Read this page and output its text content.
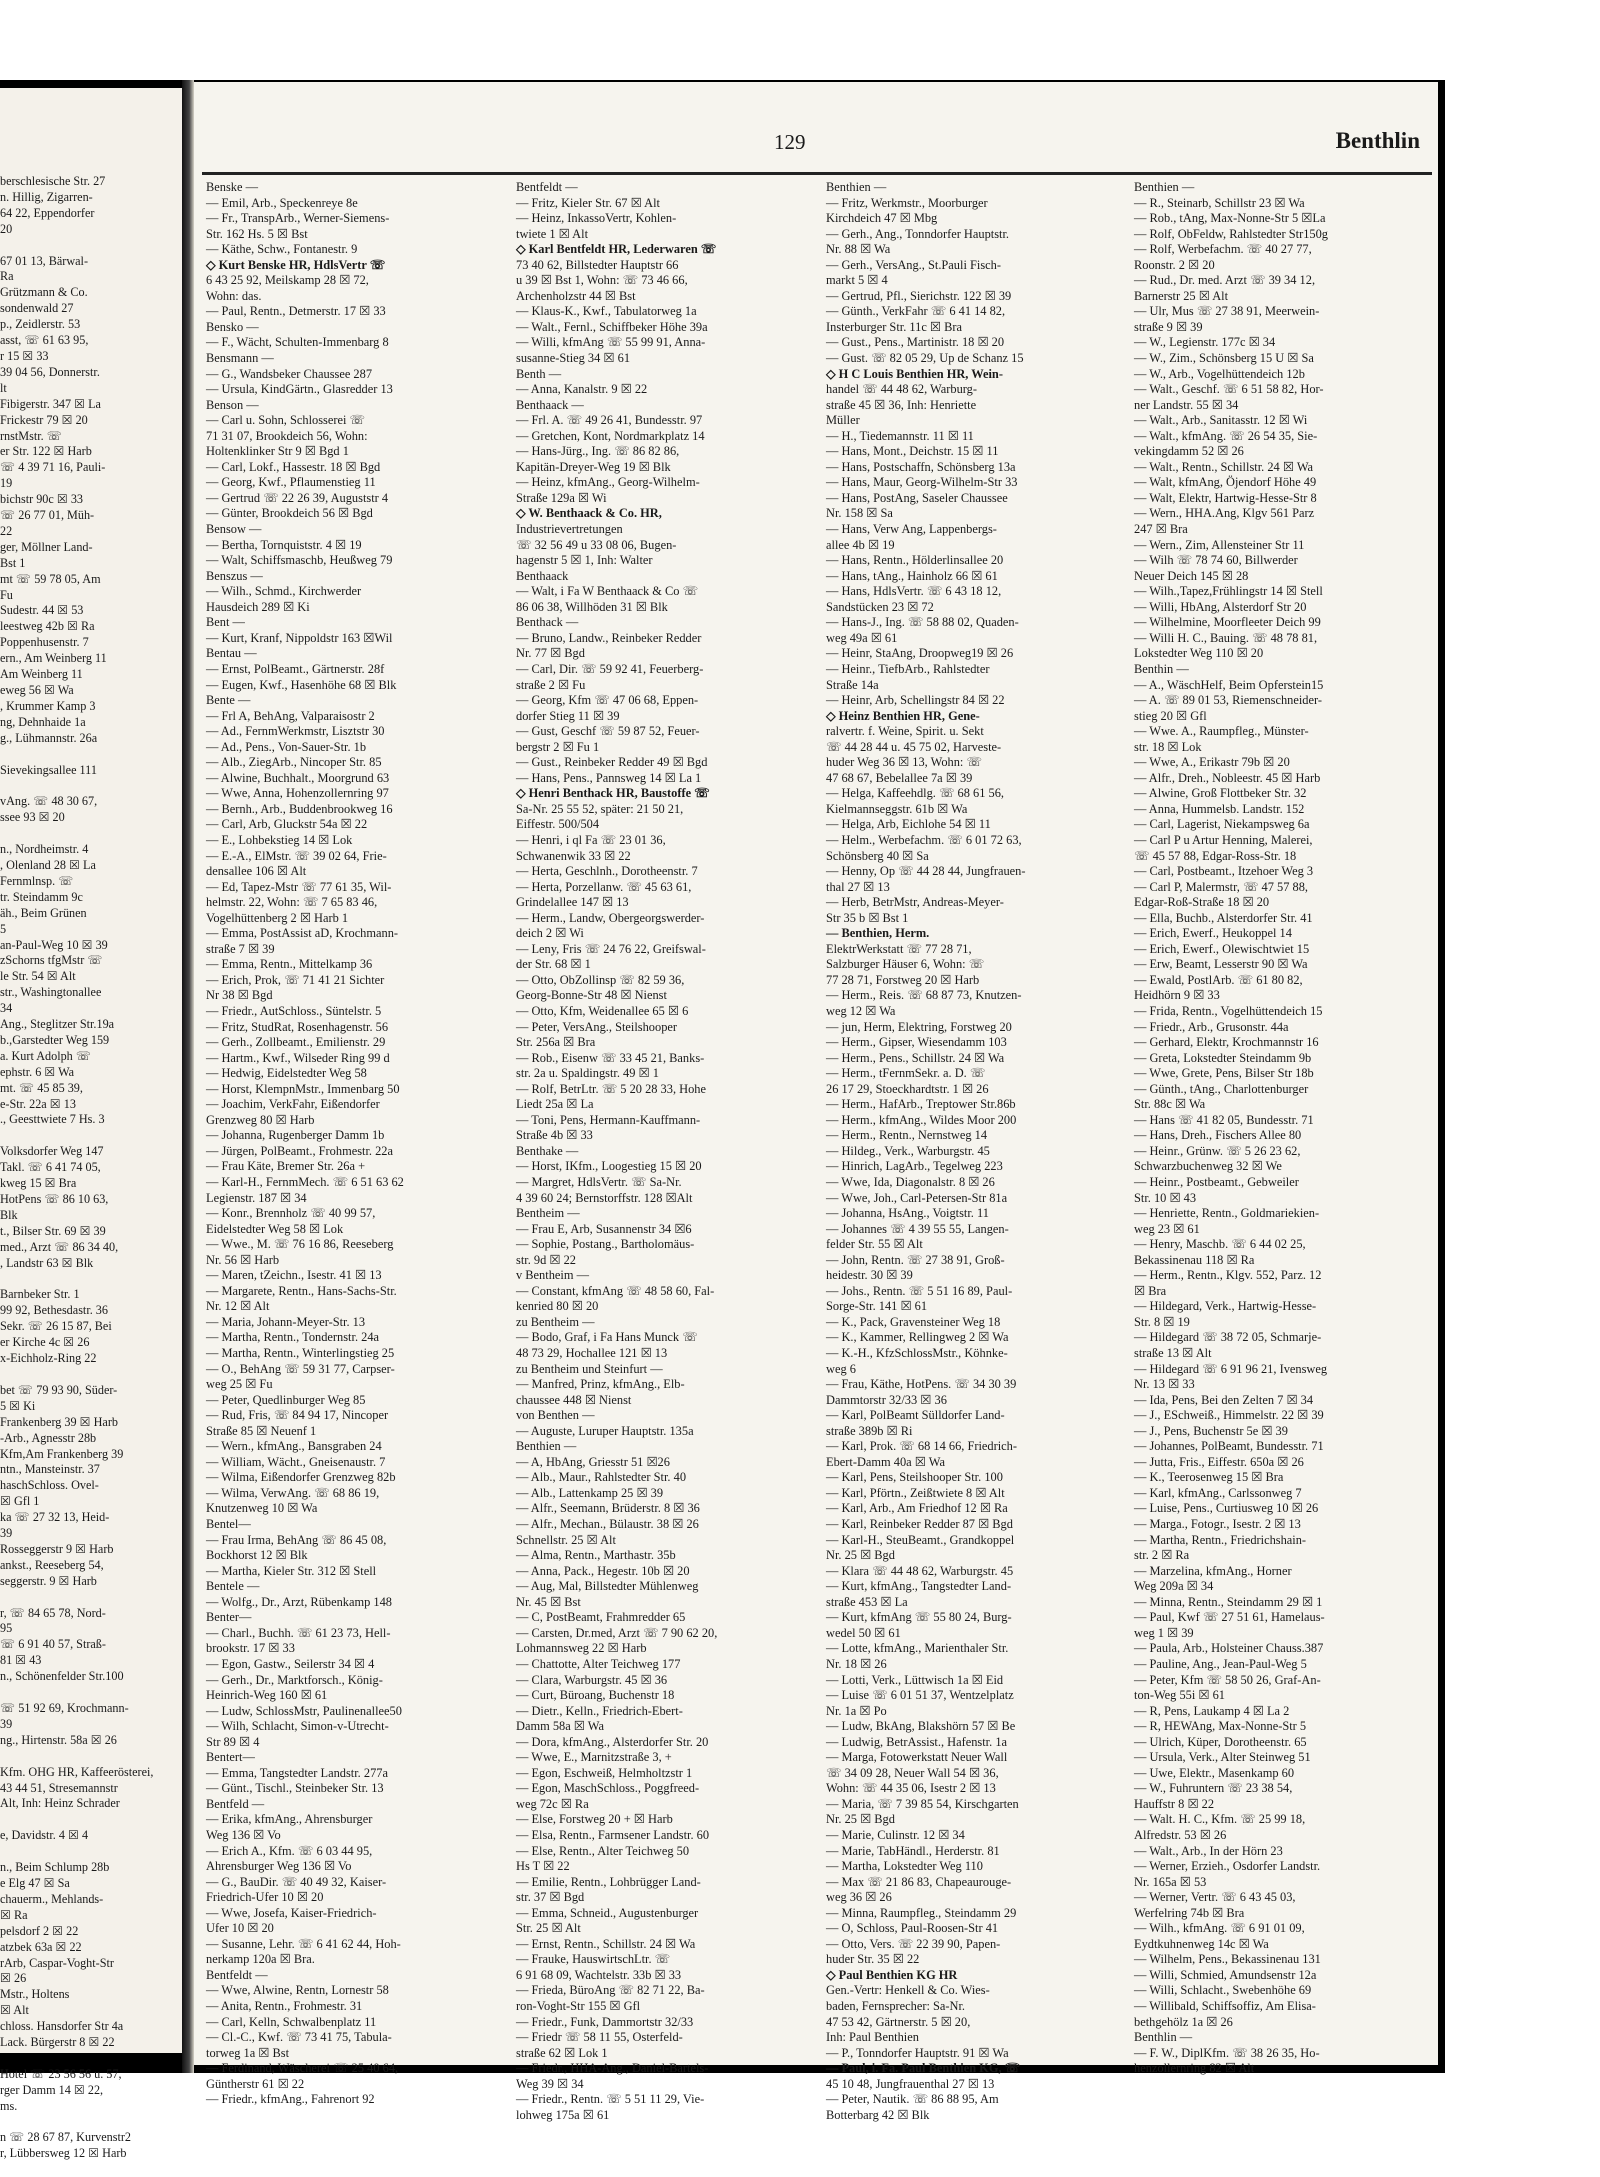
berschlesische Str. 27
n. Hillig, Zigarren-
64 22, Eppendorfer
20

67 01 13, Bärwal-
Ra
Grützmann & Co.
sondenwald 27
p., Zeidlerstr. 53
asst, ☏ 61 63 95,
r 15 ☒ 33
39 04 56, Donnerstr.
lt
Fibigerstr. 347 ☒ La
Frickestr 79 ☒ 20
rnstMstr. ☏
er Str. 122 ☒ Harb
☏ 4 39 71 16, Pauli-
19
bichstr 90c ☒ 33
☏ 26 77 01, Müh-
22
ger, Möllner Land-
Bst 1
mt ☏ 59 78 05, Am
Fu
Sudestr. 44 ☒ 53
leestweg 42b ☒ Ra
Poppenhusenstr. 7
ern., Am Weinberg 11
Am Weinberg 11
eweg 56 ☒ Wa
, Krummer Kamp 3
ng, Dehnhaide 1a
g., Lühmannstr. 26a

Sievekingsallee 111

vAng. ☏ 48 30 67,
ssee 93 ☒ 20

n., Nordheimstr. 4
, Olenland 28 ☒ La
Fernmlnsp. ☏
tr. Steindamm 9c
äh., Beim Grünen
5
an-Paul-Weg 10 ☒ 39
zSchorns tfgMstr ☏
le Str. 54 ☒ Alt
str., Washingtonallee
34
Ang., Steglitzer Str.19a
b.,Garstedter Weg 159
a. Kurt Adolph ☏
ephstr. 6 ☒ Wa
mt. ☏ 45 85 39,
e-Str. 22a ☒ 13
., Geesttwiete 7 Hs. 3

Volksdorfer Weg 147
Takl. ☏ 6 41 74 05,
kweg 15 ☒ Bra
HotPens ☏ 86 10 63,
Blk
t., Bilser Str. 69 ☒ 39
med., Arzt ☏ 86 34 40,
, Landstr 63 ☒ Blk

Barnbeker Str. 1
99 92, Bethesdastr. 36
Sekr. ☏ 26 15 87, Bei
er Kirche 4c ☒ 26
x-Eichholz-Ring 22

bet ☏ 79 93 90, Süder-
5 ☒ Ki
Frankenberg 39 ☒ Harb
-Arb., Agnesstr 28b
Kfm,Am Frankenberg 39
ntn., Mansteinstr. 37
haschSchloss. Ovel-
☒ Gfl 1
ka ☏ 27 32 13, Heid-
39
Rosseggerstr 9 ☒ Harb
ankst., Reeseberg 54,
seggerstr. 9 ☒ Harb

r, ☏ 84 65 78, Nord-
95
☏ 6 91 40 57, Straß-
81 ☒ 43
n., Schönenfelder Str.100

☏ 51 92 69, Krochmann-
39
ng., Hirtenstr. 58a ☒ 26

Kfm. OHG HR, Kaffeerösterei,
43 44 51, Stresemannstr
Alt, Inh: Heinz Schrader

e, Davidstr. 4 ☒ 4

n., Beim Schlump 28b
e Elg 47 ☒ Sa
chauerm., Mehlands-
☒ Ra
pelsdorf 2 ☒ 22
atzbek 63a ☒ 22
rArb, Caspar-Voght-Str
☒ 26
Mstr., Holtens
☒ Alt
chloss. Hansdorfer Str 4a
Lack. Bürgerstr 8 ☒ 22

Hotel ☏ 23 56 56 u. 57,
rger Damm 14 ☒ 22,
ms.

n ☏ 28 67 87, Kurvenstr2
r, Lübbersweg 12 ☒ Harb
129	Benthlin
Benske —
— Emil, Arb., Speckenreye 8e
— Fr., TranspArb., Werner-Siemens-
Str. 162 Hs. 5 ☒ Bst
— Käthe, Schw., Fontanestr. 9
◇ Kurt Benske HR, HdlsVertr ☏
6 43 25 92, Meilskamp 28 ☒ 72,
Wohn: das.
— Paul, Rentn., Detmerstr. 17 ☒ 33
Bensko —
— F., Wächt, Schulten-Immenbarg 8
Bensmann —
— G., Wandsbeker Chaussee 287
— Ursula, KindGärtn., Glasredder 13
Benson —
— Carl u. Sohn, Schlosserei ☏
71 31 07, Brookdeich 56, Wohn:
Holtenklinker Str 9 ☒ Bgd 1
— Carl, Lokf., Hassestr. 18 ☒ Bgd
— Georg, Kwf., Pflaumenstieg 11
— Gertrud ☏ 22 26 39, Auguststr 4
— Günter, Brookdeich 56 ☒ Bgd
Bensow —
— Bertha, Tornquiststr. 4 ☒ 19
— Walt, Schiffsmaschb, Heußweg 79
Benszus —
— Wilh., Schmd., Kirchwerder
Hausdeich 289 ☒ Ki
Bent —
— Kurt, Kranf, Nippoldstr 163 ☒Wil
Bentau —
— Ernst, PolBeamt., Gärtnerstr. 28f
— Eugen, Kwf., Hasenhöhe 68 ☒ Blk
Bente —
— Frl A, BehAng, Valparaisostr 2
— Ad., FernmWerkmstr, Lisztstr 30
— Ad., Pens., Von-Sauer-Str. 1b
— Alb., ZiegArb., Nincoper Str. 85
— Alwine, Buchhalt., Moorgrund 63
— Wwe, Anna, Hohenzollernring 97
— Bernh., Arb., Buddenbrookweg 16
— Carl, Arb, Gluckstr 54a ☒ 22
— E., Lohbekstieg 14 ☒ Lok
— E.-A., ElMstr. ☏ 39 02 64, Frie-
densallee 106 ☒ Alt
— Ed, Tapez-Mstr ☏ 77 61 35, Wil-
helmstr. 22, Wohn: ☏ 7 65 83 46,
Vogelhüttenberg 2 ☒ Harb 1
— Emma, PostAssist aD, Krochmann-
straße 7 ☒ 39
— Emma, Rentn., Mittelkamp 36
— Erich, Prok, ☏ 71 41 21 Sichter
Nr 38 ☒ Bgd
— Friedr., AutSchloss., Süntelstr. 5
— Fritz, StudRat, Rosenhagenstr. 56
— Gerh., Zollbeamt., Emilienstr. 29
— Hartm., Kwf., Wilseder Ring 99 d
— Hedwig, Eidelstedter Weg 58
— Horst, KlempnMstr., Immenbarg 50
— Joachim, VerkFahr, Eißendorfer
Grenzweg 80 ☒ Harb
— Johanna, Rugenberger Damm 1b
— Jürgen, PolBeamt., Frohmestr. 22a
— Frau Käte, Bremer Str. 26a +
— Karl-H., FernmMech. ☏ 6 51 63 62
Legienstr. 187 ☒ 34
— Konr., Brennholz ☏ 40 99 57,
Eidelstedter Weg 58 ☒ Lok
— Wwe., M. ☏ 76 16 86, Reeseberg
Nr. 56 ☒ Harb
— Maren, tZeichn., Isestr. 41 ☒ 13
— Margarete, Rentn., Hans-Sachs-Str.
Nr. 12 ☒ Alt
— Maria, Johann-Meyer-Str. 13
— Martha, Rentn., Tondernstr. 24a
— Martha, Rentn., Winterlingstieg 25
— O., BehAng ☏ 59 31 77, Carpser-
weg 25 ☒ Fu
— Peter, Quedlinburger Weg 85
— Rud, Fris, ☏ 84 94 17, Nincoper
Straße 85 ☒ Neuenf 1
— Wern., kfmAng., Bansgraben 24
— William, Wächt., Gneisenaustr. 7
— Wilma, Eißendorfer Grenzweg 82b
— Wilma, VerwAng. ☏ 68 86 19,
Knutzenweg 10 ☒ Wa
Bentel—
— Frau Irma, BehAng ☏ 86 45 08,
Bockhorst 12 ☒ Blk
— Martha, Kieler Str. 312 ☒ Stell
Bentele —
— Wolfg., Dr., Arzt, Rübenkamp 148
Benter—
— Charl., Buchh. ☏ 61 23 73, Hell-
brookstr. 17 ☒ 33
— Egon, Gastw., Seilerstr 34 ☒ 4
— Gerh., Dr., Marktforsch., König-
Heinrich-Weg 160 ☒ 61
— Ludw, SchlossMstr, Paulinenallee50
— Wilh, Schlacht, Simon-v-Utrecht-
Str 89 ☒ 4
Bentert—
— Emma, Tangstedter Landstr. 277a
— Günt., Tischl., Steinbeker Str. 13
Bentfeld —
— Erika, kfmAng., Ahrensburger
Weg 136 ☒ Vo
— Erich A., Kfm. ☏ 6 03 44 95,
Ahrensburger Weg 136 ☒ Vo
— G., BauDir. ☏ 40 49 32, Kaiser-
Friedrich-Ufer 10 ☒ 20
— Wwe, Josefa, Kaiser-Friedrich-
Ufer 10 ☒ 20
— Susanne, Lehr. ☏ 6 41 62 44, Hoh-
nerkamp 120a ☒ Bra.
Bentfeldt —
— Wwe, Alwine, Rentn, Lornestr 58
— Anita, Rentn., Frohmestr. 31
— Carl, Kelln, Schwalbenplatz 11
— Cl.-C., Kwf. ☏ 73 41 75, Tabula-
torweg 1a ☒ Bst
— Ferdinand, Wäscherei ☏ 25 40 64,
Güntherstr 61 ☒ 22
— Friedr., kfmAng., Fahrenort 92
Bentfeldt —
— Fritz, Kieler Str. 67 ☒ Alt
— Heinz, InkassoVertr, Kohlen-
twiete 1 ☒ Alt
◇ Karl Bentfeldt HR, Lederwaren ☏
73 40 62, Billstedter Hauptstr 66
u 39 ☒ Bst 1, Wohn: ☏ 73 46 66,
Archenholzstr 44 ☒ Bst
— Klaus-K., Kwf., Tabulatorweg 1a
— Walt., Fernl., Schiffbeker Höhe 39a
— Willi, kfmAng ☏ 55 99 91, Anna-
susanne-Stieg 34 ☒ 61
Benth —
— Anna, Kanalstr. 9 ☒ 22
Benthaack —
— Frl. A. ☏ 49 26 41, Bundesstr. 97
— Gretchen, Kont, Nordmarkplatz 14
— Hans-Jürg., Ing. ☏ 86 82 86,
Kapitän-Dreyer-Weg 19 ☒ Blk
— Heinz, kfmAng., Georg-Wilhelm-
Straße 129a ☒ Wi
◇ W. Benthaack & Co. HR,
Industrievertretungen
☏ 32 56 49 u 33 08 06, Bugen-
hagenstr 5 ☒ 1, Inh: Walter
Benthaack
— Walt, i Fa W Benthaack & Co ☏
86 06 38, Willhöden 31 ☒ Blk
Benthack —
— Bruno, Landw., Reinbeker Redder
Nr. 77 ☒ Bgd
— Carl, Dir. ☏ 59 92 41, Feuerberg-
straße 2 ☒ Fu
— Georg, Kfm ☏ 47 06 68, Eppen-
dorfer Stieg 11 ☒ 39
— Gust, Geschf ☏ 59 87 52, Feuer-
bergstr 2 ☒ Fu 1
— Gust., Reinbeker Redder 49 ☒ Bgd
— Hans, Pens., Pannsweg 14 ☒ La 1
◇ Henri Benthack HR, Baustoffe ☏
Sa-Nr. 25 55 52, später: 21 50 21,
Eiffestr. 500/504
— Henri, i ql Fa ☏ 23 01 36,
Schwanenwik 33 ☒ 22
— Herta, Geschlnh., Dorotheenstr. 7
— Herta, Porzellanw. ☏ 45 63 61,
Grindelallee 147 ☒ 13
— Herm., Landw, Obergeorgswerder-
deich 2 ☒ Wi
— Leny, Fris ☏ 24 76 22, Greifswal-
der Str. 68 ☒ 1
— Otto, ObZollinsp ☏ 82 59 36,
Georg-Bonne-Str 48 ☒ Nienst
— Otto, Kfm, Weidenallee 65 ☒ 6
— Peter, VersAng., Steilshooper
Str. 256a ☒ Bra
— Rob., Eisenw ☏ 33 45 21, Banks-
str. 2a u. Spaldingstr. 49 ☒ 1
— Rolf, BetrLtr. ☏ 5 20 28 33, Hohe
Liedt 25a ☒ La
— Toni, Pens, Hermann-Kauffmann-
Straße 4b ☒ 33
Benthake —
— Horst, IKfm., Loogestieg 15 ☒ 20
— Margret, HdlsVertr. ☏ Sa-Nr.
4 39 60 24; Bernstorffstr. 128 ☒Alt
Bentheim —
— Frau E, Arb, Susannenstr 34 ☒6
— Sophie, Postang., Bartholomäus-
str. 9d ☒ 22
v Bentheim —
— Constant, kfmAng ☏ 48 58 60, Fal-
kenried 80 ☒ 20
zu Bentheim —
— Bodo, Graf, i Fa Hans Munck ☏
48 73 29, Hochallee 121 ☒ 13
zu Bentheim und Steinfurt —
— Manfred, Prinz, kfmAng., Elb-
chaussee 448 ☒ Nienst
von Benthen —
— Auguste, Luruper Hauptstr. 135a
Benthien —
— A, HbAng, Griesstr 51 ☒26
— Alb., Maur., Rahlstedter Str. 40
— Alb., Lattenkamp 25 ☒ 39
— Alfr., Seemann, Brüderstr. 8 ☒ 36
— Alfr., Mechan., Bülaustr. 38 ☒ 26
Schnellstr. 25 ☒ Alt
— Alma, Rentn., Marthastr. 35b
— Anna, Pack., Hegestr. 10b ☒ 20
— Aug, Mal, Billstedter Mühlenweg
Nr. 45 ☒ Bst
— C, PostBeamt, Frahmredder 65
— Carsten, Dr.med, Arzt ☏ 7 90 62 20,
Lohmannsweg 22 ☒ Harb
— Chattotte, Alter Teichweg 177
— Clara, Warburgstr. 45 ☒ 36
— Curt, Büroang, Buchenstr 18
— Dietr., Kelln., Friedrich-Ebert-
Damm 58a ☒ Wa
— Dora, kfmAng., Alsterdorfer Str. 20
— Wwe, E., Marnitzstraße 3, +
— Egon, Eschweiß, Helmholtzstr 1
— Egon, MaschSchloss., Poggfreed-
weg 72c ☒ Ra
— Else, Forstweg 20 + ☒ Harb
— Elsa, Rentn., Farmsener Landstr. 60
— Else, Rentn., Alter Teichweg 50
Hs T ☒ 22
— Emilie, Rentn., Lohbrügger Land-
str. 37 ☒ Bgd
— Emma, Schneid., Augustenburger
Str. 25 ☒ Alt
— Ernst, Rentn., Schillstr. 24 ☒ Wa
— Frauke, HauswirtschLtr. ☏
6 91 68 09, Wachtelstr. 33b ☒ 33
— Frieda, BüroAng ☏ 82 71 22, Ba-
ron-Voght-Str 155 ☒ Gfl
— Friedr., Funk, Dammortstr 32/33
— Friedr ☏ 58 11 55, Osterfeld-
straße 62 ☒ Lok 1
— Friedr., HHA-Ang., Daniel-Bartels-
Weg 39 ☒ 34
— Friedr., Rentn. ☏ 5 51 11 29, Vie-
lohweg 175a ☒ 61
Benthien —
— Fritz, Werkmstr., Moorburger
Kirchdeich 47 ☒ Mbg
— Gerh., Ang., Tonndorfer Hauptstr.
Nr. 88 ☒ Wa
— Gerh., VersAng., St.Pauli Fisch-
markt 5 ☒ 4
— Gertrud, Pfl., Sierichstr. 122 ☒ 39
— Günth., VerkFahr ☏ 6 41 14 82,
Insterburger Str. 11c ☒ Bra
— Gust., Pens., Martinistr. 18 ☒ 20
— Gust. ☏ 82 05 29, Up de Schanz 15
◇ H C Louis Benthien HR, Wein-
handel ☏ 44 48 62, Warburg-
straße 45 ☒ 36, Inh: Henriette
Müller
— H., Tiedemannstr. 11 ☒ 11
— Hans, Mont., Deichstr. 15 ☒ 11
— Hans, Postschaffn, Schönsberg 13a
— Hans, Maur, Georg-Wilhelm-Str 33
— Hans, PostAng, Saseler Chaussee
Nr. 158 ☒ Sa
— Hans, Verw Ang, Lappenbergs-
allee 4b ☒ 19
— Hans, Rentn., Hölderlinsallee 20
— Hans, tAng., Hainholz 66 ☒ 61
— Hans, HdlsVertr. ☏ 6 43 18 12,
Sandstücken 23 ☒ 72
— Hans-J., Ing. ☏ 58 88 02, Quaden-
weg 49a ☒ 61
— Heinr, StaAng, Droopweg19 ☒ 26
— Heinr., TiefbArb., Rahlstedter
Straße 14a
— Heinr, Arb, Schellingstr 84 ☒ 22
◇ Heinz Benthien HR, Gene-
ralvertr. f. Weine, Spirit. u. Sekt
☏ 44 28 44 u. 45 75 02, Harveste-
huder Weg 36 ☒ 13, Wohn: ☏
47 68 67, Bebelallee 7a ☒ 39
— Helga, Kaffeehdlg. ☏ 68 61 56,
Kielmannseggstr. 61b ☒ Wa
— Helga, Arb, Eichlohe 54 ☒ 11
— Helm., Werbefachm. ☏ 6 01 72 63,
Schönsberg 40 ☒ Sa
— Henny, Op ☏ 44 28 44, Jungfrauen-
thal 27 ☒ 13
— Herb, BetrMstr, Andreas-Meyer-
Str 35 b ☒ Bst 1
— Benthien, Herm.
ElektrWerkstatt ☏ 77 28 71,
Salzburger Häuser 6, Wohn: ☏
77 28 71, Forstweg 20 ☒ Harb
— Herm., Reis. ☏ 68 87 73, Knutzen-
weg 12 ☒ Wa
— jun, Herm, Elektring, Forstweg 20
— Herm., Gipser, Wiesendamm 103
— Herm., Pens., Schillstr. 24 ☒ Wa
— Herm., tFernmSekr. a. D. ☏
26 17 29, Stoeckhardtstr. 1 ☒ 26
— Herm., HafArb., Treptower Str.86b
— Herm., kfmAng., Wildes Moor 200
— Herm., Rentn., Nernstweg 14
— Hildeg., Verk., Warburgstr. 45
— Hinrich, LagArb., Tegelweg 223
— Wwe, Ida, Diagonalstr. 8 ☒ 26
— Wwe, Joh., Carl-Petersen-Str 81a
— Johanna, HsAng., Voigtstr. 11
— Johannes ☏ 4 39 55 55, Langen-
felder Str. 55 ☒ Alt
— John, Rentn. ☏ 27 38 91, Groß-
heidestr. 30 ☒ 39
— Johs., Rentn. ☏ 5 51 16 89, Paul-
Sorge-Str. 141 ☒ 61
— K., Pack, Gravensteiner Weg 18
— K., Kammer, Rellingweg 2 ☒ Wa
— K.-H., KfzSchlossMstr., Köhnke-
weg 6
— Frau, Käthe, HotPens. ☏ 34 30 39
Dammtorstr 32/33 ☒ 36
— Karl, PolBeamt Sülldorfer Land-
straße 389b ☒ Ri
— Karl, Prok. ☏ 68 14 66, Friedrich-
Ebert-Damm 40a ☒ Wa
— Karl, Pens, Steilshooper Str. 100
— Karl, Pförtn., Zeißtwiete 8 ☒ Alt
— Karl, Arb., Am Friedhof 12 ☒ Ra
— Karl, Reinbeker Redder 87 ☒ Bgd
— Karl-H., SteuBeamt., Grandkoppel
Nr. 25 ☒ Bgd
— Klara ☏ 44 48 62, Warburgstr. 45
— Kurt, kfmAng., Tangstedter Land-
straße 453 ☒ La
— Kurt, kfmAng ☏ 55 80 24, Burg-
wedel 50 ☒ 61
— Lotte, kfmAng., Marienthaler Str.
Nr. 18 ☒ 26
— Lotti, Verk., Lüttwisch 1a ☒ Eid
— Luise ☏ 6 01 51 37, Wentzelplatz
Nr. 1a ☒ Po
— Ludw, BkAng, Blakshörn 57 ☒ Be
— Ludwig, BetrAssist., Hafenstr. 1a
— Marga, Fotowerkstatt Neuer Wall
☏ 34 09 28, Neuer Wall 54 ☒ 36,
Wohn: ☏ 44 35 06, Isestr 2 ☒ 13
— Maria, ☏ 7 39 85 54, Kirschgarten
Nr. 25 ☒ Bgd
— Marie, Culinstr. 12 ☒ 34
— Marie, TabHändl., Herderstr. 81
— Martha, Lokstedter Weg 110
— Max ☏ 21 86 83, Chapeaurouge-
weg 36 ☒ 26
— Minna, Raumpfleg., Steindamm 29
— O, Schloss, Paul-Roosen-Str 41
— Otto, Vers. ☏ 22 39 90, Papen-
huder Str. 35 ☒ 22
◇ Paul Benthien KG HR
Gen.-Vertr: Henkell & Co. Wies-
baden, Fernsprecher: Sa-Nr.
47 53 42, Gärtnerstr. 5 ☒ 20,
Inh: Paul Benthien
— P., Tonndorfer Hauptstr. 91 ☒ Wa
— Paul, i. Fa. Paul Benthien KG, ☏
45 10 48, Jungfrauenthal 27 ☒ 13
— Peter, Nautik. ☏ 86 88 95, Am
Botterbarg 42 ☒ Blk
Benthien —
— R., Steinarb, Schillstr 23 ☒ Wa
— Rob., tAng, Max-Nonne-Str 5 ☒La
— Rolf, ObFeldw, Rahlstedter Str150g
— Rolf, Werbefachm. ☏ 40 27 77,
Roonstr. 2 ☒ 20
— Rud., Dr. med. Arzt ☏ 39 34 12,
Barnerstr 25 ☒ Alt
— Ulr, Mus ☏ 27 38 91, Meerwein-
straße 9 ☒ 39
— W., Legienstr. 177c ☒ 34
— W., Zim., Schönsberg 15 U ☒ Sa
— W., Arb., Vogelhüttendeich 12b
— Walt., Geschf. ☏ 6 51 58 82, Hor-
ner Landstr. 55 ☒ 34
— Walt., Arb., Sanitasstr. 12 ☒ Wi
— Walt., kfmAng. ☏ 26 54 35, Sie-
vekingdamm 52 ☒ 26
— Walt., Rentn., Schillstr. 24 ☒ Wa
— Walt, kfmAng, Öjendorf Höhe 49
— Walt, Elektr, Hartwig-Hesse-Str 8
— Wern., HHA.Ang, Klgv 561 Parz
247 ☒ Bra
— Wern., Zim, Allensteiner Str 11
— Wilh ☏ 78 74 60, Billwerder
Neuer Deich 145 ☒ 28
— Wilh.,Tapez,Frühlingstr 14 ☒ Stell
— Willi, HbAng, Alsterdorf Str 20
— Wilhelmine, Moorfleeter Deich 99
— Willi H. C., Bauing. ☏ 48 78 81,
Lokstedter Weg 110 ☒ 20
Benthin —
— A., WäschHelf, Beim Opferstein15
— A. ☏ 89 01 53, Riemenschneider-
stieg 20 ☒ Gfl
— Wwe. A., Raumpfleg., Münster-
str. 18 ☒ Lok
— Wwe, A., Erikastr 79b ☒ 20
— Alfr., Dreh., Nobleestr. 45 ☒ Harb
— Alwine, Groß Flottbeker Str. 32
— Anna, Hummelsb. Landstr. 152
— Carl, Lagerist, Niekampsweg 6a
— Carl P u Artur Henning, Malerei,
☏ 45 57 88, Edgar-Ross-Str. 18
— Carl, Postbeamt., Itzehoer Weg 3
— Carl P, Malermstr, ☏ 47 57 88,
Edgar-Roß-Straße 18 ☒ 20
— Ella, Buchb., Alsterdorfer Str. 41
— Erich, Ewerf., Heukoppel 14
— Erich, Ewerf., Olewischtwiet 15
— Erw, Beamt, Lesserstr 90 ☒ Wa
— Ewald, PostlArb. ☏ 61 80 82,
Heidhörn 9 ☒ 33
— Frida, Rentn., Vogelhüttendeich 15
— Friedr., Arb., Grusonstr. 44a
— Gerhard, Elektr, Krochmannstr 16
— Greta, Lokstedter Steindamm 9b
— Wwe, Grete, Pens, Bilser Str 18b
— Günth., tAng., Charlottenburger
Str. 88c ☒ Wa
— Hans ☏ 41 82 05, Bundesstr. 71
— Hans, Dreh., Fischers Allee 80
— Heinr., Grünw. ☏ 5 26 23 62,
Schwarzbuchenweg 32 ☒ We
— Heinr., Postbeamt., Gebweiler
Str. 10 ☒ 43
— Henriette, Rentn., Goldmariekien-
weg 23 ☒ 61
— Henry, Maschb. ☏ 6 44 02 25,
Bekassinenau 118 ☒ Ra
— Herm., Rentn., Klgv. 552, Parz. 12
☒ Bra
— Hildegard, Verk., Hartwig-Hesse-
Str. 8 ☒ 19
— Hildegard ☏ 38 72 05, Schmarje-
straße 13 ☒ Alt
— Hildegard ☏ 6 91 96 21, Ivensweg
Nr. 13 ☒ 33
— Ida, Pens, Bei den Zelten 7 ☒ 34
— J., ESchweiß., Himmelstr. 22 ☒ 39
— J., Pens, Buchenstr 5e ☒ 39
— Johannes, PolBeamt, Bundesstr. 71
— Jutta, Fris., Eiffestr. 650a ☒ 26
— K., Teerosenweg 15 ☒ Bra
— Karl, kfmAng., Carlssonweg 7
— Luise, Pens., Curtiusweg 10 ☒ 26
— Marga., Fotogr., Isestr. 2 ☒ 13
— Martha, Rentn., Friedrichshain-
str. 2 ☒ Ra
— Marzelina, kfmAng., Horner
Weg 209a ☒ 34
— Minna, Rentn., Steindamm 29 ☒ 1
— Paul, Kwf ☏ 27 51 61, Hamelaus-
weg 1 ☒ 39
— Paula, Arb., Holsteiner Chauss.387
— Pauline, Ang., Jean-Paul-Weg 5
— Peter, Kfm ☏ 58 50 26, Graf-An-
ton-Weg 55i ☒ 61
— R, Pens, Laukamp 4 ☒ La 2
— R, HEWAng, Max-Nonne-Str 5
— Ulrich, Küper, Dorotheenstr. 65
— Ursula, Verk., Alter Steinweg 51
— Uwe, Elektr., Masenkamp 60
— W., Fuhruntern ☏ 23 38 54,
Hauffstr 8 ☒ 22
— Walt. H. C., Kfm. ☏ 25 99 18,
Alfredstr. 53 ☒ 26
— Walt., Arb., In der Hörn 23
— Werner, Erzieh., Osdorfer Landstr.
Nr. 165a ☒ 53
— Werner, Vertr. ☏ 6 43 45 03,
Werfelring 74b ☒ Bra
— Wilh., kfmAng. ☏ 6 91 01 09,
Eydtkuhnenweg 14c ☒ Wa
— Wilhelm, Pens., Bekassinenau 131
— Willi, Schmied, Amundsenstr 12a
— Willi, Schlacht., Swebenhöhe 69
— Willibald, Schiffsoffiz, Am Elisa-
bethgehölz 1a ☒ 26
Benthlin —
— F. W., DiplKfm. ☏ 38 26 35, Ho-
henzollernring 82 ☒ Alt
